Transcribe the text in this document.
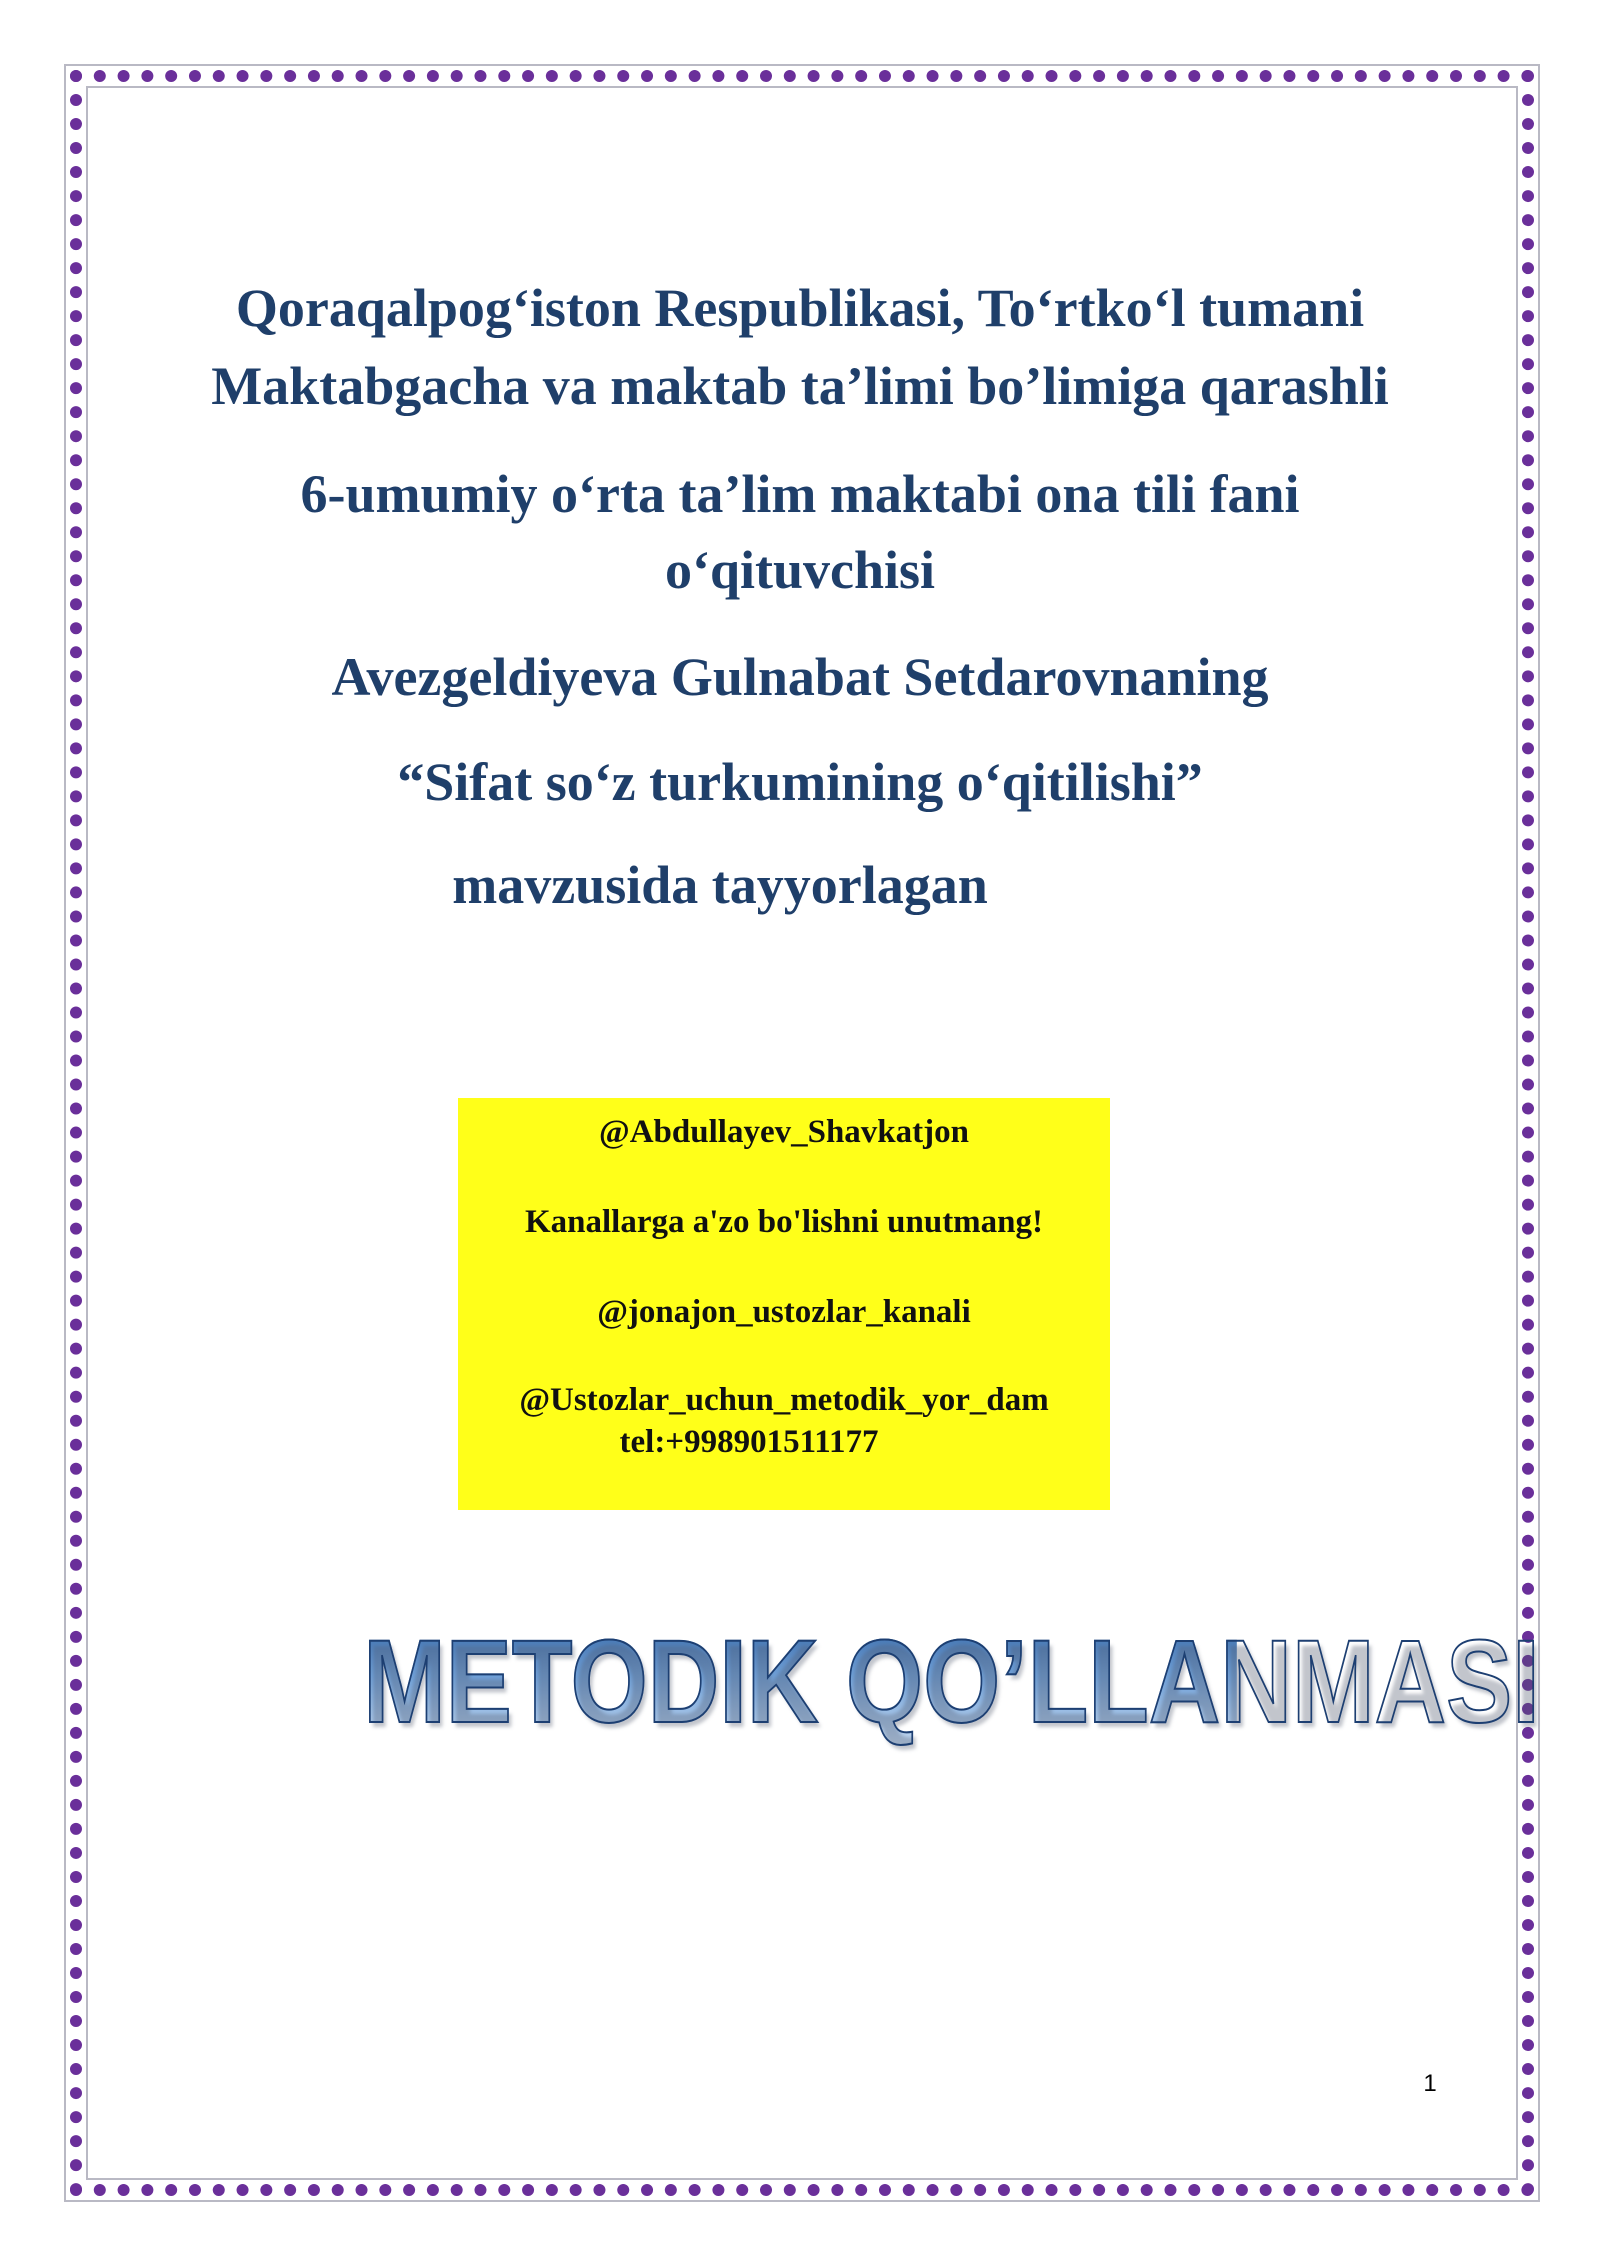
Qoraqalpog‘iston Respublikasi, To‘rtko‘l tumani
Maktabgacha va maktab ta’limi bo’limiga qarashli
6-umumiy o‘rta ta’lim maktabi ona tili fani
o‘qituvchisi
Avezgeldiyeva Gulnabat Setdarovnaning
“Sifat so‘z turkumining o‘qitilishi”
mavzusida tayyorlagan
@Abdullayev_Shavkatjon
Kanallarga a'zo bo'lishni unutmang!
@jonajon_ustozlar_kanali
@Ustozlar_uchun_metodik_yor_dam
tel:+998901511177
METODIK QO’LLANMASI
1
